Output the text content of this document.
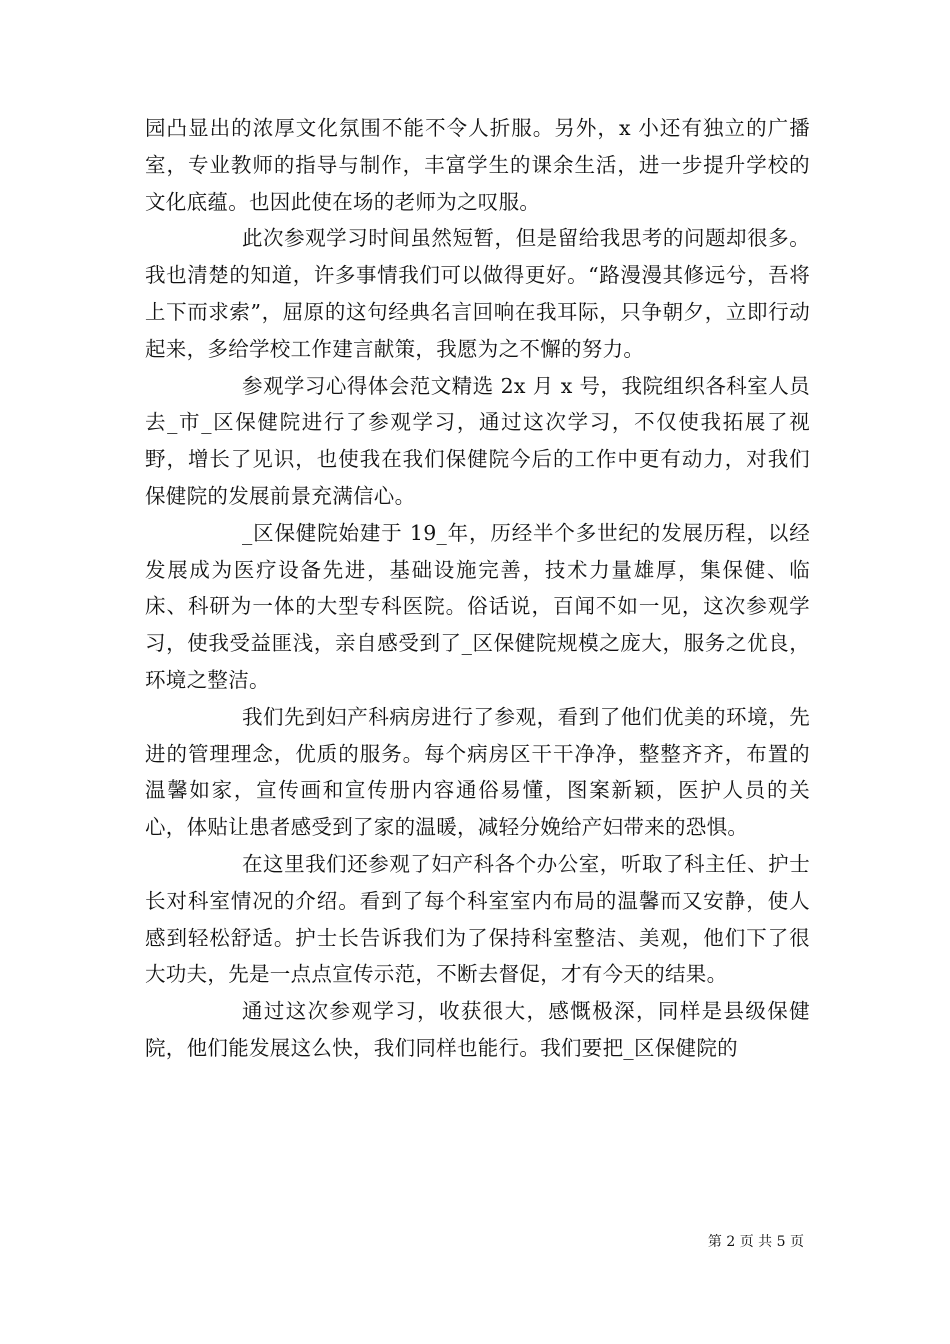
园凸显出的浓厚文化氛围不能不令人折服。另外，x 小还有独立的广播室，专业教师的指导与制作，丰富学生的课余生活，进一步提升学校的文化底蕴。也因此使在场的老师为之叹服。

此次参观学习时间虽然短暂，但是留给我思考的问题却很多。我也清楚的知道，许多事情我们可以做得更好。“路漫漫其修远兮，吾将上下而求索”，屈原的这句经典名言回响在我耳际，只争朝夕，立即行动起来，多给学校工作建言献策，我愿为之不懈的努力。

参观学习心得体会范文精选 2x 月 x 号，我院组织各科室人员去_市_区保健院进行了参观学习，通过这次学习，不仅使我拓展了视野，增长了见识，也使我在我们保健院今后的工作中更有动力，对我们保健院的发展前景充满信心。

_区保健院始建于 19_年，历经半个多世纪的发展历程，以经发展成为医疗设备先进，基础设施完善，技术力量雄厚，集保健、临床、科研为一体的大型专科医院。俗话说，百闻不如一见，这次参观学习，使我受益匪浅，亲自感受到了_区保健院规模之庞大，服务之优良，环境之整洁。

我们先到妇产科病房进行了参观，看到了他们优美的环境，先进的管理理念，优质的服务。每个病房区干干净净，整整齐齐，布置的温馨如家，宣传画和宣传册内容通俗易懂，图案新颖，医护人员的关心，体贴让患者感受到了家的温暖，减轻分娩给产妇带来的恐惧。

在这里我们还参观了妇产科各个办公室，听取了科主任、护士长对科室情况的介绍。看到了每个科室室内布局的温馨而又安静，使人感到轻松舒适。护士长告诉我们为了保持科室整洁、美观，他们下了很大功夫，先是一点点宣传示范，不断去督促，才有今天的结果。

通过这次参观学习，收获很大，感慨极深，同样是县级保健院，他们能发展这么快，我们同样也能行。我们要把_区保健院的

第 2 页 共 5 页
